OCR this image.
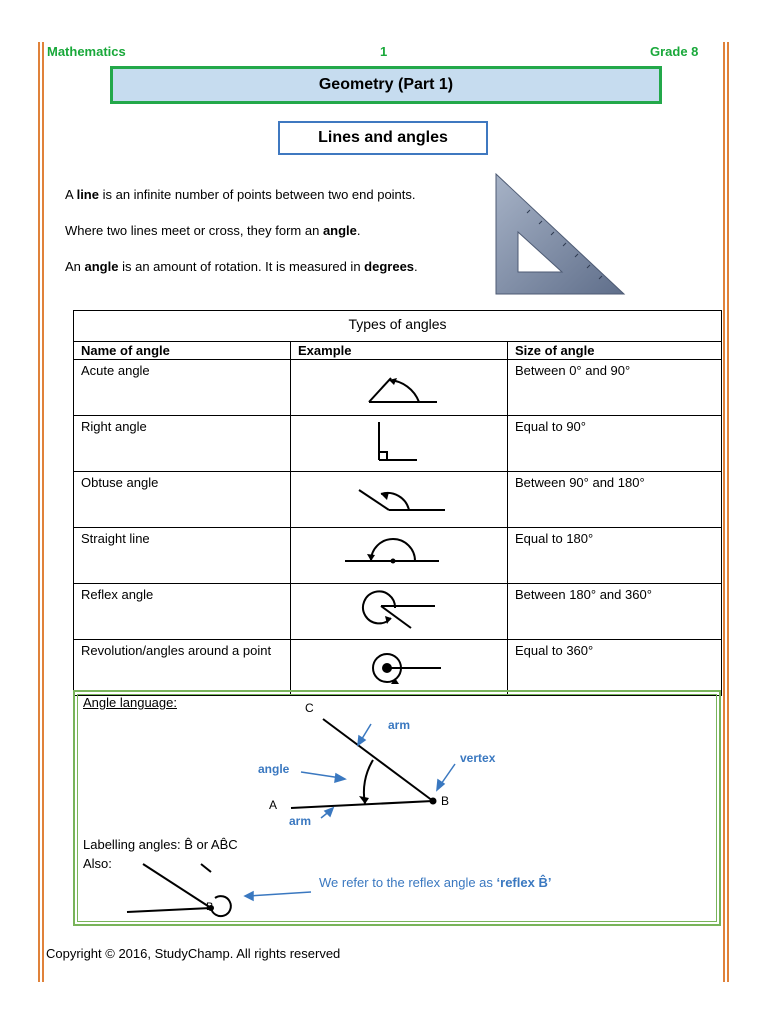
Mathematics	1	Grade 8
Geometry (Part 1)
Lines and angles
A line is an infinite number of points between two end points.
Where two lines meet or cross, they form an angle.
An angle is an amount of rotation. It is measured in degrees.
Types of angles		
Name of angle	Example	Size of angle
Acute angle		Between 0° and 90°
Right angle		Equal to 90°
Obtuse angle		Between 90° and 180°
Straight line		Equal to 180°
Reflex angle		Between 180° and 360°
Revolution/angles around a point		Equal to 360°
Angle language:	C
A	B
arm
vertex
angle
arm
Labelling angles: B̂ or AB̂C
Also:
B
We refer to the reflex angle as ‘reflex B̂’
Copyright © 2016, StudyChamp. All rights reserved
